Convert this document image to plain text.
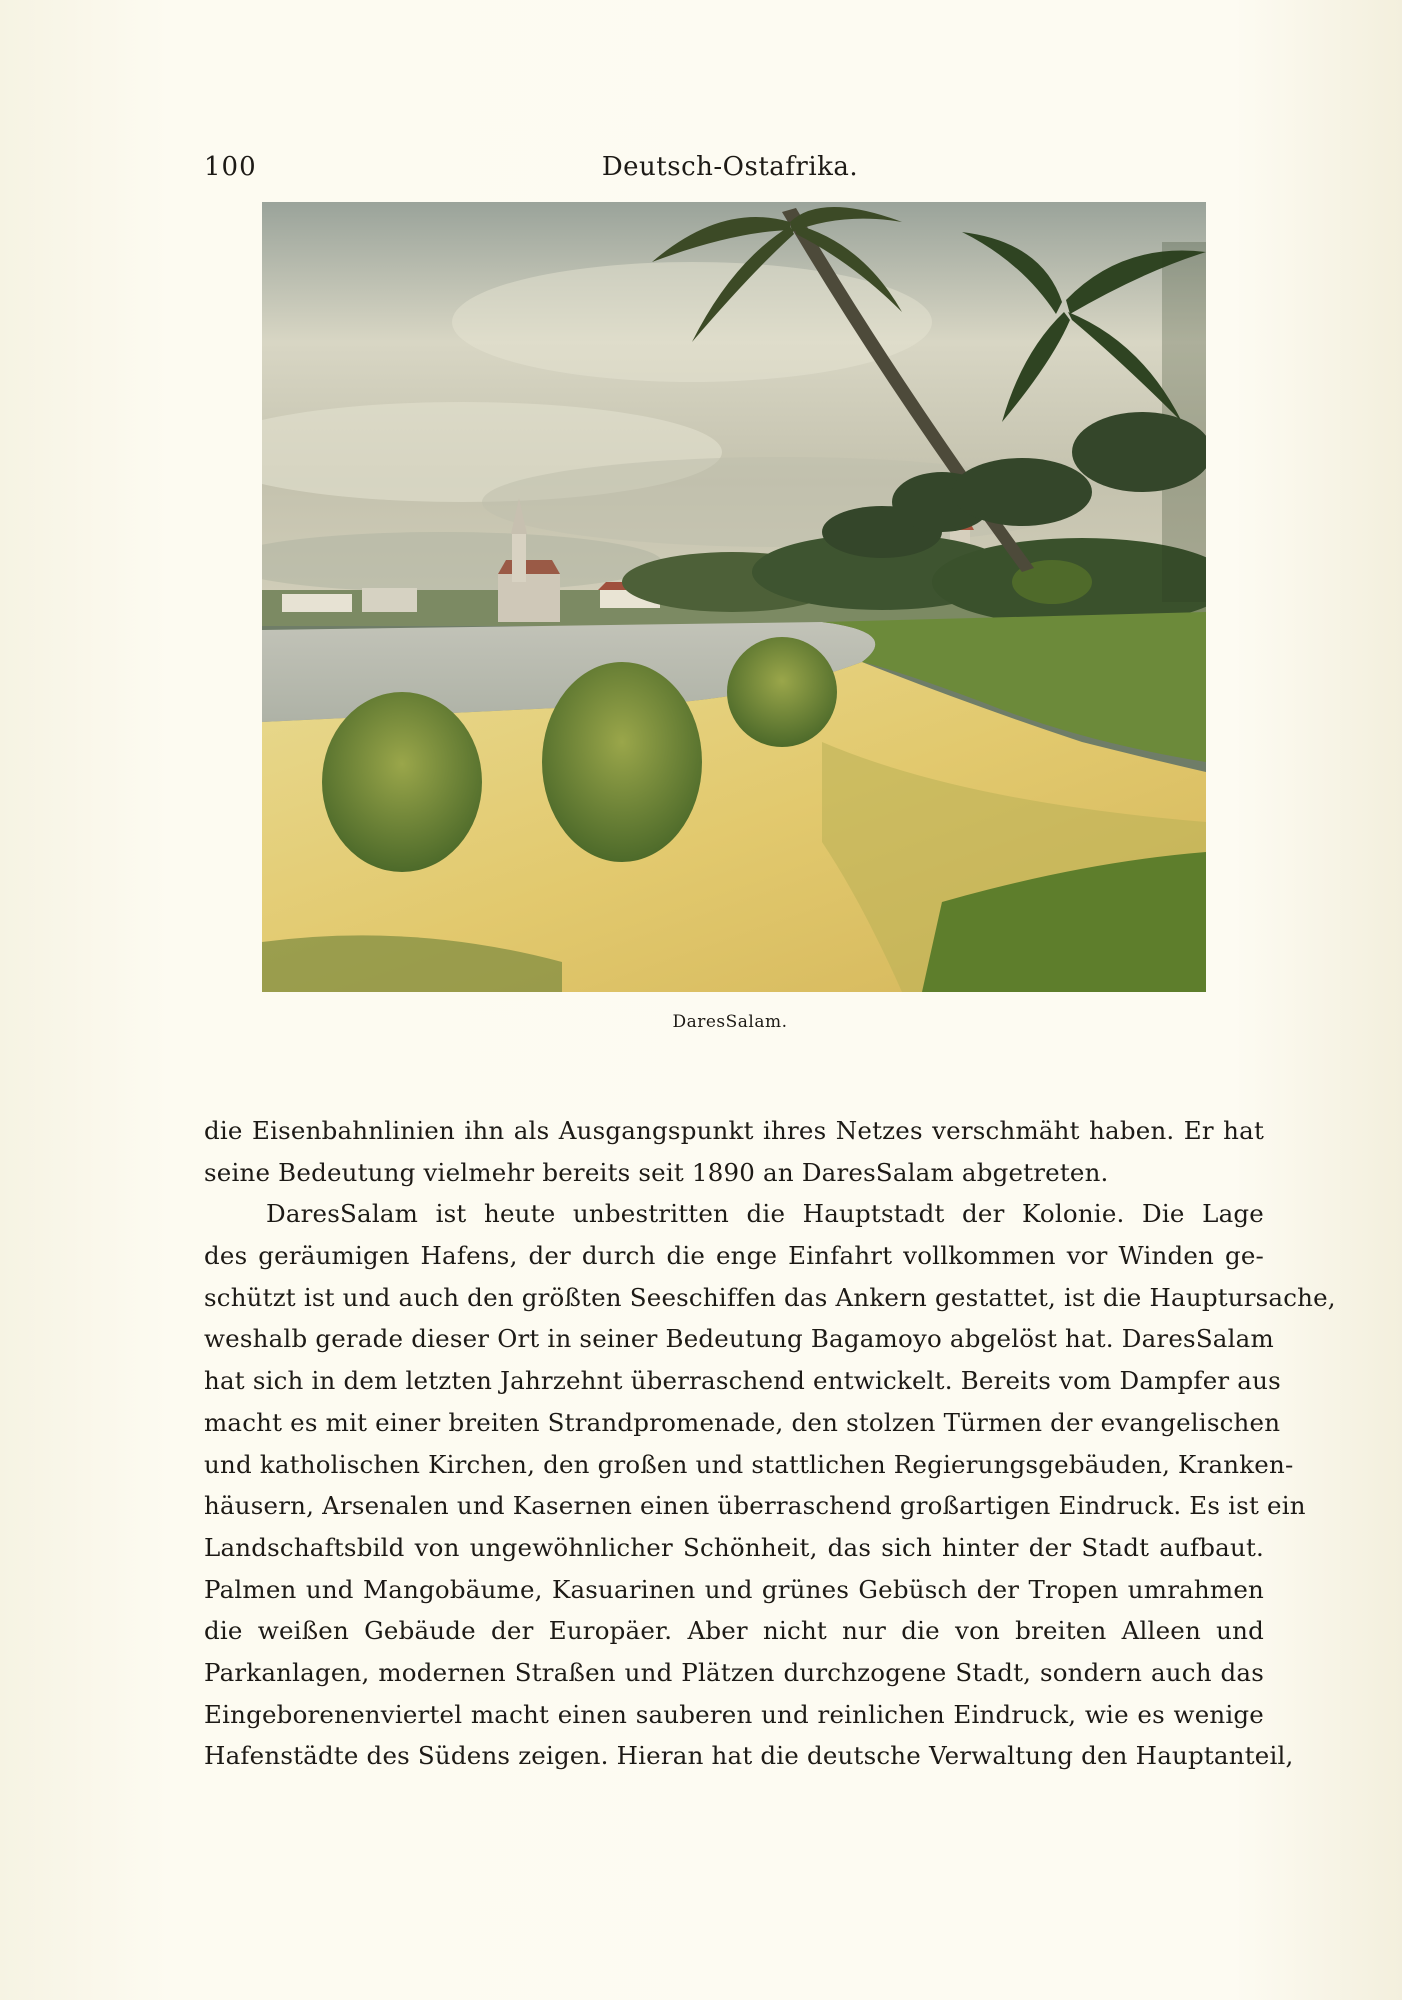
100	Deutsch-Ostafrika.
DaresSalam.
die Eisenbahnlinien ihn als Ausgangspunkt ihres Netzes verschmäht haben. Er hat
seine Bedeutung vielmehr bereits seit 1890 an DaresSalam abgetreten.
DaresSalam ist heute unbestritten die Hauptstadt der Kolonie. Die Lage
des geräumigen Hafens, der durch die enge Einfahrt vollkommen vor Winden ge-
schützt ist und auch den größten Seeschiffen das Ankern gestattet, ist die Hauptursache,
weshalb gerade dieser Ort in seiner Bedeutung Bagamoyo abgelöst hat. DaresSalam
hat sich in dem letzten Jahrzehnt überraschend entwickelt. Bereits vom Dampfer aus
macht es mit einer breiten Strandpromenade, den stolzen Türmen der evangelischen
und katholischen Kirchen, den großen und stattlichen Regierungsgebäuden, Kranken-
häusern, Arsenalen und Kasernen einen überraschend großartigen Eindruck. Es ist ein
Landschaftsbild von ungewöhnlicher Schönheit, das sich hinter der Stadt aufbaut.
Palmen und Mangobäume, Kasuarinen und grünes Gebüsch der Tropen umrahmen
die weißen Gebäude der Europäer. Aber nicht nur die von breiten Alleen und
Parkanlagen, modernen Straßen und Plätzen durchzogene Stadt, sondern auch das
Eingeborenenviertel macht einen sauberen und reinlichen Eindruck, wie es wenige
Hafenstädte des Südens zeigen. Hieran hat die deutsche Verwaltung den Hauptanteil,
